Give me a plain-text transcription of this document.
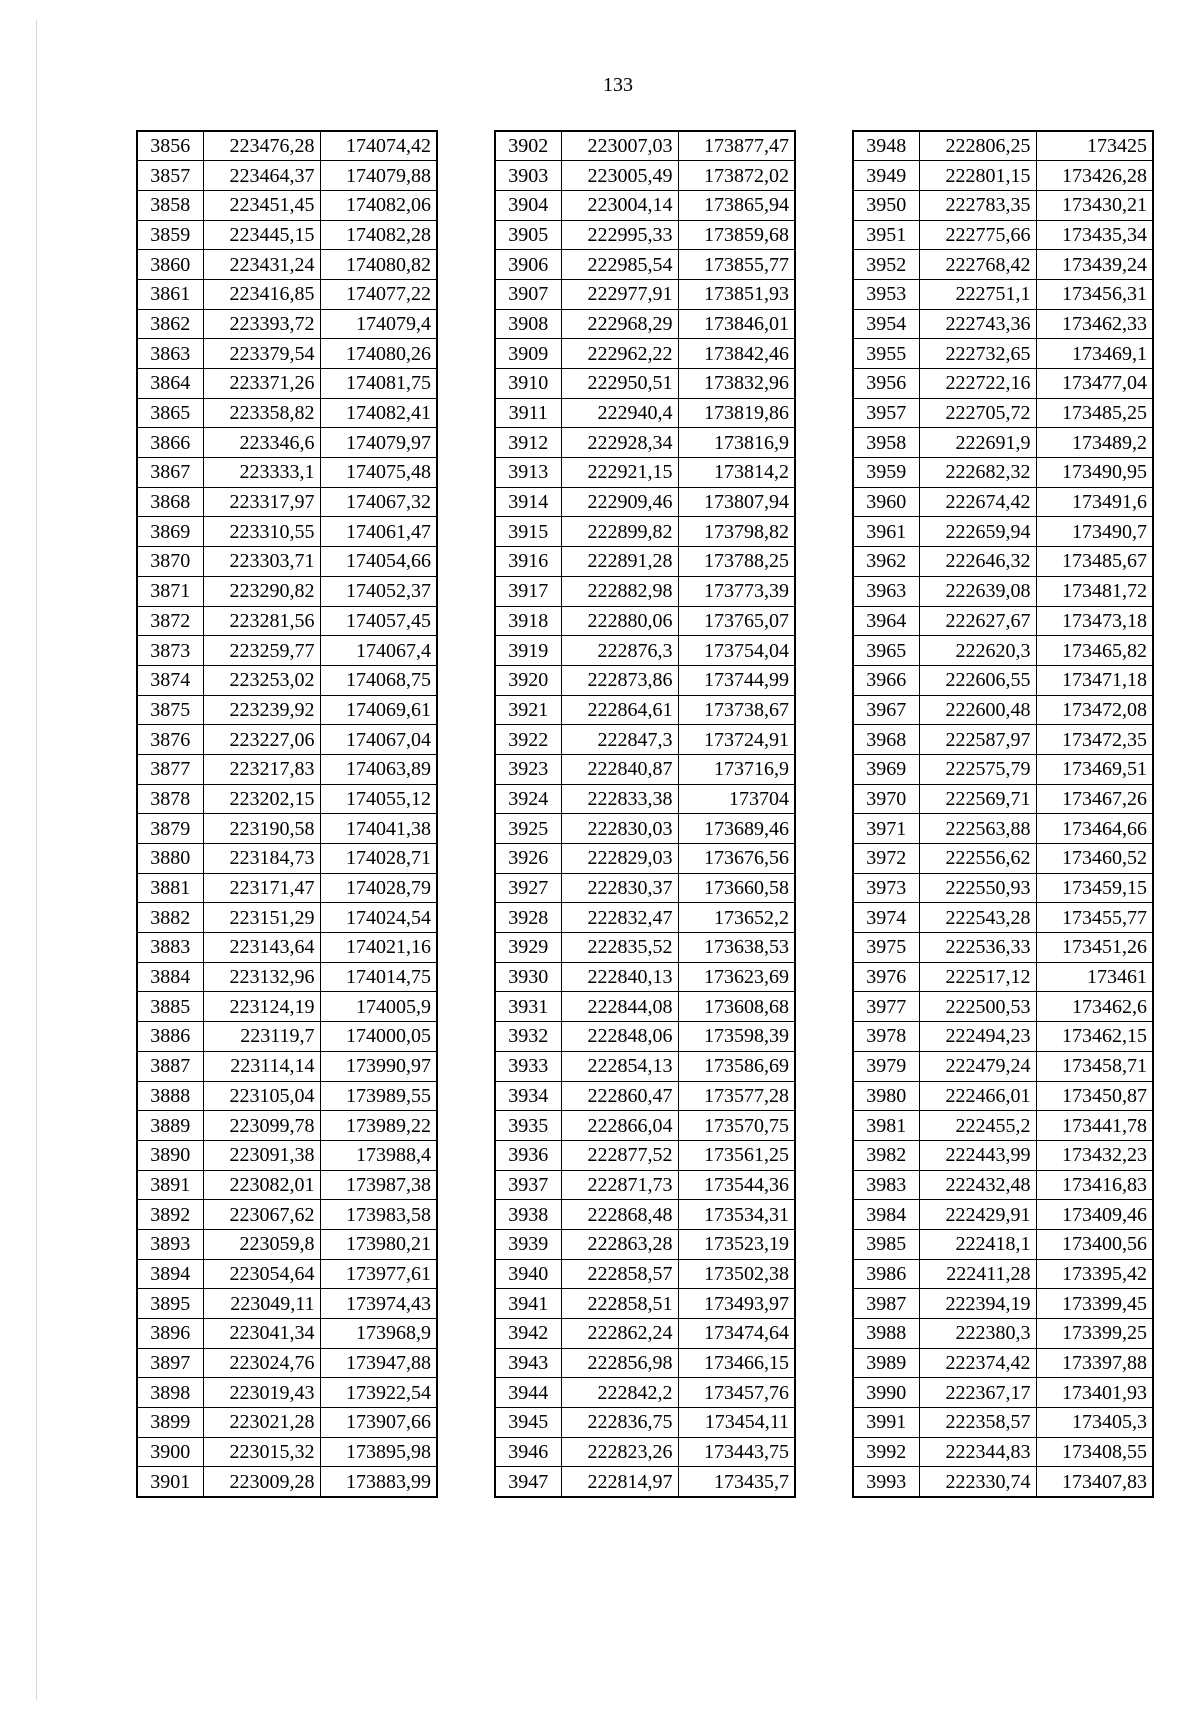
133
3856	223476,28	174074,42
3857	223464,37	174079,88
3858	223451,45	174082,06
3859	223445,15	174082,28
3860	223431,24	174080,82
3861	223416,85	174077,22
3862	223393,72	174079,4
3863	223379,54	174080,26
3864	223371,26	174081,75
3865	223358,82	174082,41
3866	223346,6	174079,97
3867	223333,1	174075,48
3868	223317,97	174067,32
3869	223310,55	174061,47
3870	223303,71	174054,66
3871	223290,82	174052,37
3872	223281,56	174057,45
3873	223259,77	174067,4
3874	223253,02	174068,75
3875	223239,92	174069,61
3876	223227,06	174067,04
3877	223217,83	174063,89
3878	223202,15	174055,12
3879	223190,58	174041,38
3880	223184,73	174028,71
3881	223171,47	174028,79
3882	223151,29	174024,54
3883	223143,64	174021,16
3884	223132,96	174014,75
3885	223124,19	174005,9
3886	223119,7	174000,05
3887	223114,14	173990,97
3888	223105,04	173989,55
3889	223099,78	173989,22
3890	223091,38	173988,4
3891	223082,01	173987,38
3892	223067,62	173983,58
3893	223059,8	173980,21
3894	223054,64	173977,61
3895	223049,11	173974,43
3896	223041,34	173968,9
3897	223024,76	173947,88
3898	223019,43	173922,54
3899	223021,28	173907,66
3900	223015,32	173895,98
3901	223009,28	173883,99
3902	223007,03	173877,47
3903	223005,49	173872,02
3904	223004,14	173865,94
3905	222995,33	173859,68
3906	222985,54	173855,77
3907	222977,91	173851,93
3908	222968,29	173846,01
3909	222962,22	173842,46
3910	222950,51	173832,96
3911	222940,4	173819,86
3912	222928,34	173816,9
3913	222921,15	173814,2
3914	222909,46	173807,94
3915	222899,82	173798,82
3916	222891,28	173788,25
3917	222882,98	173773,39
3918	222880,06	173765,07
3919	222876,3	173754,04
3920	222873,86	173744,99
3921	222864,61	173738,67
3922	222847,3	173724,91
3923	222840,87	173716,9
3924	222833,38	173704
3925	222830,03	173689,46
3926	222829,03	173676,56
3927	222830,37	173660,58
3928	222832,47	173652,2
3929	222835,52	173638,53
3930	222840,13	173623,69
3931	222844,08	173608,68
3932	222848,06	173598,39
3933	222854,13	173586,69
3934	222860,47	173577,28
3935	222866,04	173570,75
3936	222877,52	173561,25
3937	222871,73	173544,36
3938	222868,48	173534,31
3939	222863,28	173523,19
3940	222858,57	173502,38
3941	222858,51	173493,97
3942	222862,24	173474,64
3943	222856,98	173466,15
3944	222842,2	173457,76
3945	222836,75	173454,11
3946	222823,26	173443,75
3947	222814,97	173435,7
3948	222806,25	173425
3949	222801,15	173426,28
3950	222783,35	173430,21
3951	222775,66	173435,34
3952	222768,42	173439,24
3953	222751,1	173456,31
3954	222743,36	173462,33
3955	222732,65	173469,1
3956	222722,16	173477,04
3957	222705,72	173485,25
3958	222691,9	173489,2
3959	222682,32	173490,95
3960	222674,42	173491,6
3961	222659,94	173490,7
3962	222646,32	173485,67
3963	222639,08	173481,72
3964	222627,67	173473,18
3965	222620,3	173465,82
3966	222606,55	173471,18
3967	222600,48	173472,08
3968	222587,97	173472,35
3969	222575,79	173469,51
3970	222569,71	173467,26
3971	222563,88	173464,66
3972	222556,62	173460,52
3973	222550,93	173459,15
3974	222543,28	173455,77
3975	222536,33	173451,26
3976	222517,12	173461
3977	222500,53	173462,6
3978	222494,23	173462,15
3979	222479,24	173458,71
3980	222466,01	173450,87
3981	222455,2	173441,78
3982	222443,99	173432,23
3983	222432,48	173416,83
3984	222429,91	173409,46
3985	222418,1	173400,56
3986	222411,28	173395,42
3987	222394,19	173399,45
3988	222380,3	173399,25
3989	222374,42	173397,88
3990	222367,17	173401,93
3991	222358,57	173405,3
3992	222344,83	173408,55
3993	222330,74	173407,83
